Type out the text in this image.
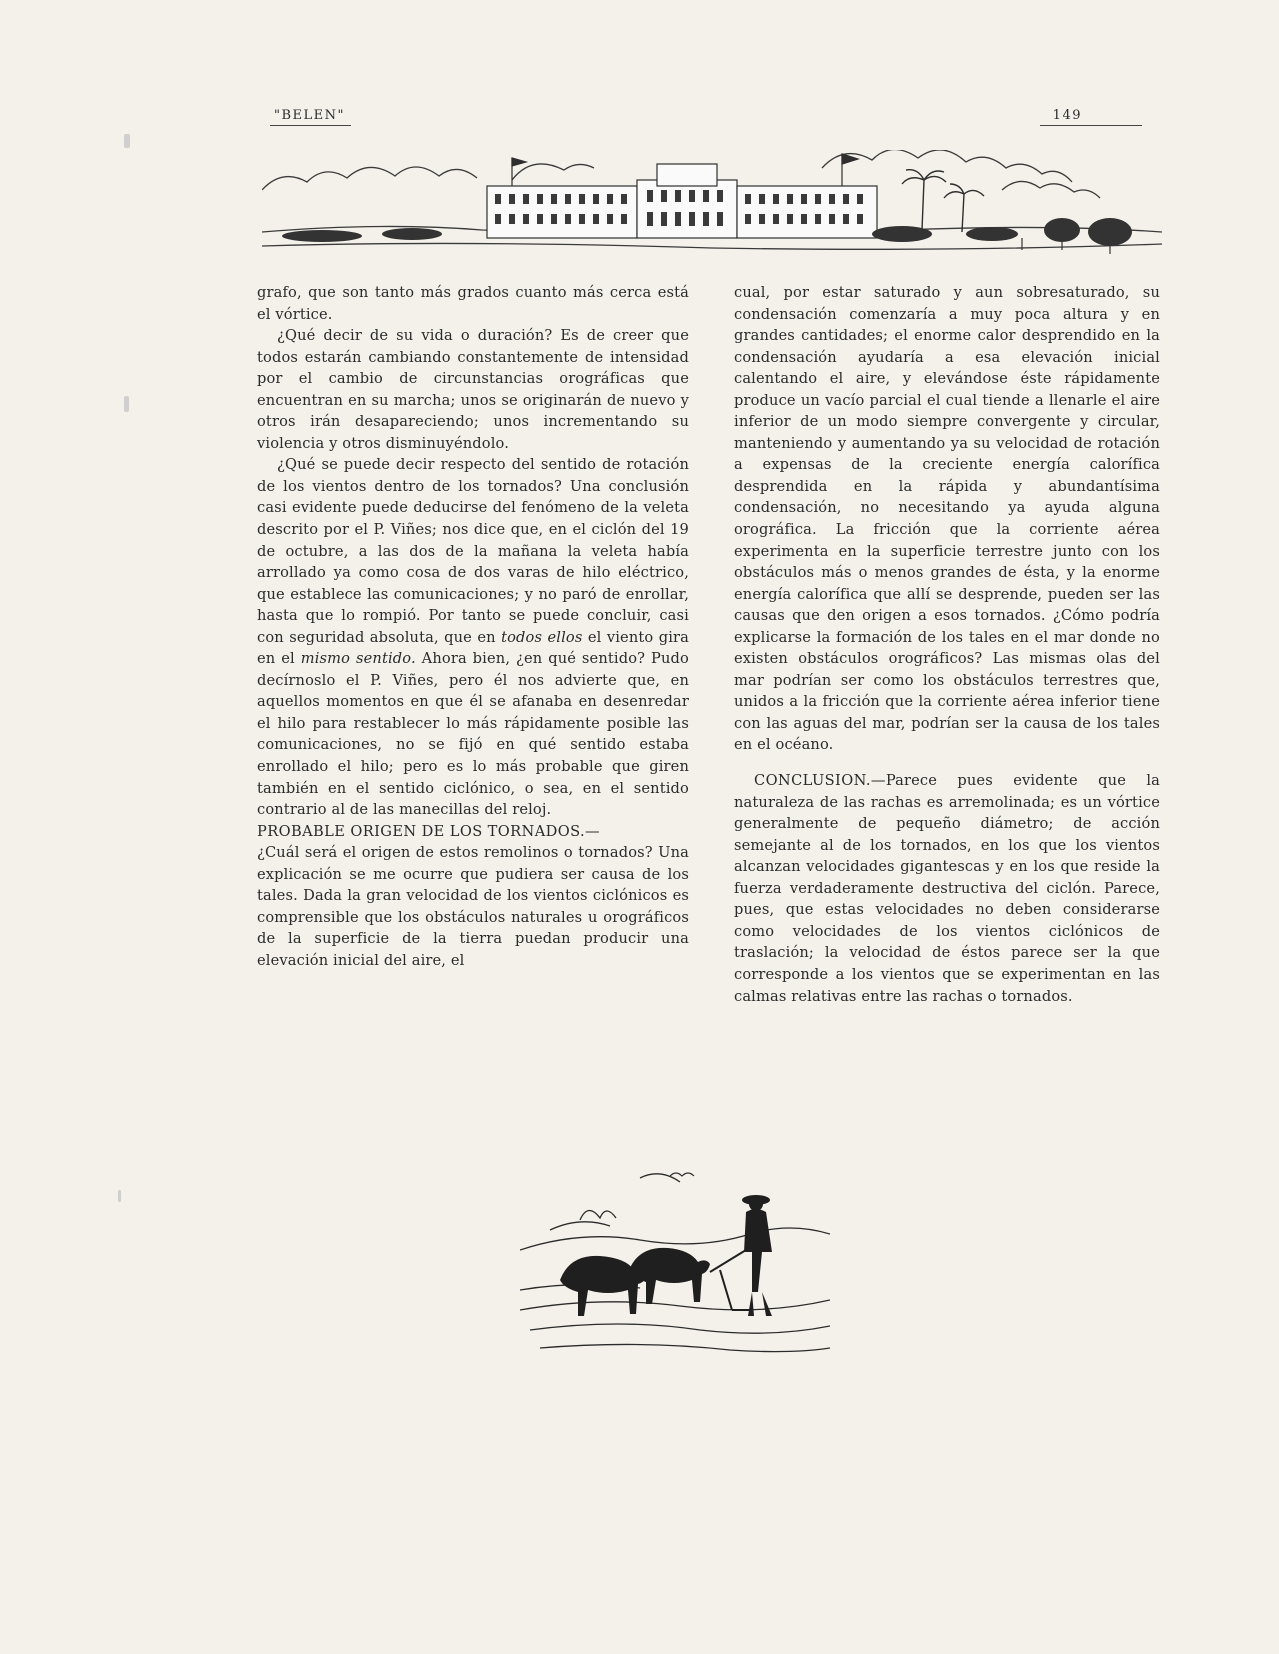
"BELEN"	149

grafo, que son tanto más grados cuanto más cerca está el vórtice.

¿Qué decir de su vida o duración? Es de creer que todos estarán cambiando constantemente de intensidad por el cambio de circunstancias orográficas que encuentran en su marcha; unos se originarán de nuevo y otros irán desapareciendo; unos incrementando su violencia y otros disminuyéndolo.

¿Qué se puede decir respecto del sentido de rotación de los vientos dentro de los tornados? Una conclusión casi evidente puede deducirse del fenómeno de la veleta descrito por el P. Viñes; nos dice que, en el ciclón del 19 de octubre, a las dos de la mañana la veleta había arrollado ya como cosa de dos varas de hilo eléctrico, que establece las comunicaciones; y no paró de enrollar, hasta que lo rompió. Por tanto se puede concluir, casi con seguridad absoluta, que en todos ellos el viento gira en el mismo sentido. Ahora bien, ¿en qué sentido? Pudo decírnoslo el P. Viñes, pero él nos advierte que, en aquellos momentos en que él se afanaba en desenredar el hilo para restablecer lo más rápidamente posible las comunicaciones, no se fijó en qué sentido estaba enrollado el hilo; pero es lo más probable que giren también en el sentido ciclónico, o sea, en el sentido contrario al de las manecillas del reloj.

PROBABLE ORIGEN DE LOS TORNADOS.—

¿Cuál será el origen de estos remolinos o tornados? Una explicación se me ocurre que pudiera ser causa de los tales. Dada la gran velocidad de los vientos ciclónicos es comprensible que los obstáculos naturales u orográficos de la superficie de la tierra puedan producir una elevación inicial del aire, el

cual, por estar saturado y aun sobresaturado, su condensación comenzaría a muy poca altura y en grandes cantidades; el enorme calor desprendido en la condensación ayudaría a esa elevación inicial calentando el aire, y elevándose éste rápidamente produce un vacío parcial el cual tiende a llenarle el aire inferior de un modo siempre convergente y circular, manteniendo y aumentando ya su velocidad de rotación a expensas de la creciente energía calorífica desprendida en la rápida y abundantísima condensación, no necesitando ya ayuda alguna orográfica. La fricción que la corriente aérea experimenta en la superficie terrestre junto con los obstáculos más o menos grandes de ésta, y la enorme energía calorífica que allí se desprende, pueden ser las causas que den origen a esos tornados. ¿Cómo podría explicarse la formación de los tales en el mar donde no existen obstáculos orográficos? Las mismas olas del mar podrían ser como los obstáculos terrestres que, unidos a la fricción que la corriente aérea inferior tiene con las aguas del mar, podrían ser la causa de los tales en el océano.

CONCLUSION.—Parece pues evidente que la naturaleza de las rachas es arremolinada; es un vórtice generalmente de pequeño diámetro; de acción semejante al de los tornados, en los que los vientos alcanzan velocidades gigantescas y en los que reside la fuerza verdaderamente destructiva del ciclón. Parece, pues, que estas velocidades no deben considerarse como velocidades de los vientos ciclónicos de traslación; la velocidad de éstos parece ser la que corresponde a los vientos que se experimentan en las calmas relativas entre las rachas o tornados.
